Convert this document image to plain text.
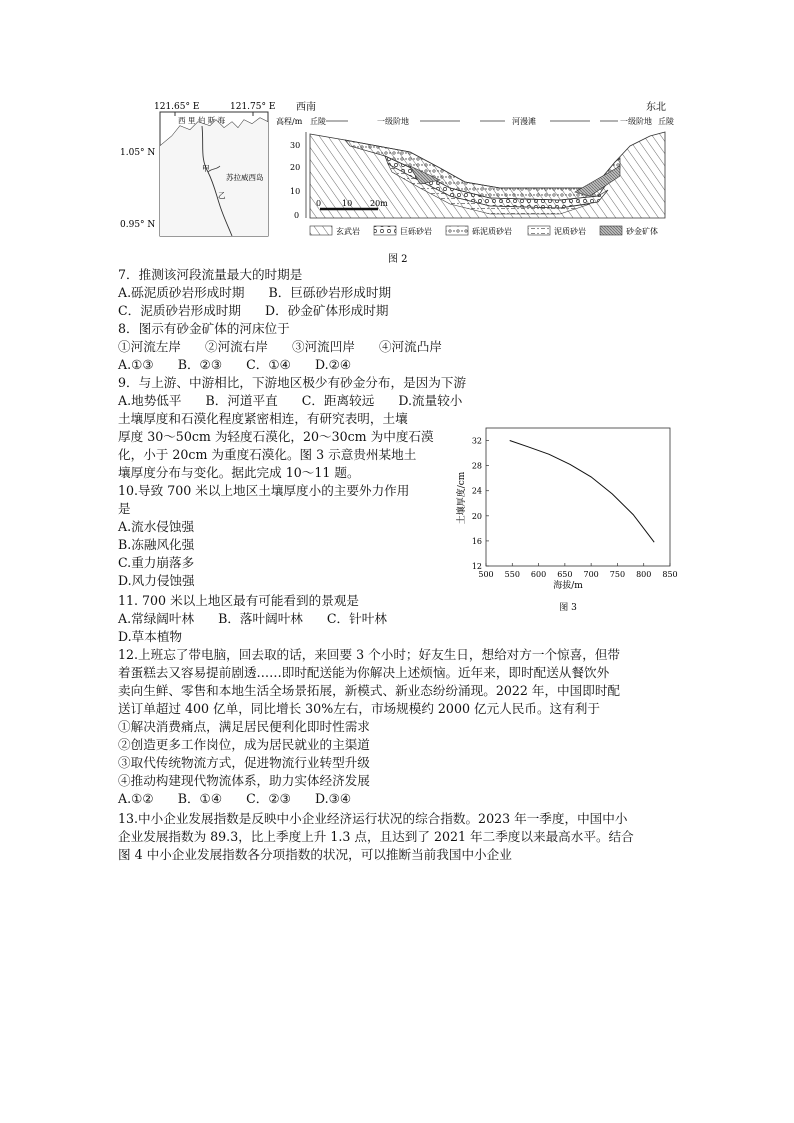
121.65° E	121.75° E
1.05° N
0.95° N
西 里 伯 斯 海
甲
乙
苏拉威西岛
西南	东北
高程/m 丘陵	一级阶地	河漫滩	一级阶地 丘陵
30
20
10
0
0	10 20m
玄武岩	巨砾砂岩	砾泥质砂岩	泥质砂岩	砂金矿体
图 2
7．推测该河段流量最大的时期是
A.砾泥质砂岩形成时期      B．巨砾砂岩形成时期
C．泥质砂岩形成时期      D．砂金矿体形成时期
8．图示有砂金矿体的河床位于
①河流左岸      ②河流右岸      ③河流凹岸      ④河流凸岸
A.①③      B．②③      C．①④      D.②④
9．与上游、中游相比，下游地区极少有砂金分布，是因为下游
A.地势低平      B．河道平直      C．距离较远      D.流量较小
土壤厚度和石漠化程度紧密相连，有研究表明，土壤
厚度 30～50cm 为轻度石漠化，20～30cm 为中度石漠
化，小于 20cm 为重度石漠化。图 3 示意贵州某地土
壤厚度分布与变化。据此完成 10～11 题。
10.导致 700 米以上地区土壤厚度小的主要外力作用
是
A.流水侵蚀强
B.冻融风化强
C.重力崩落多
D.风力侵蚀强
11. 700 米以上地区最有可能看到的景观是
A.常绿阔叶林      B．落叶阔叶林      C．针叶林
D.草本植物
12.上班忘了带电脑，回去取的话，来回要 3 个小时；好友生日，想给对方一个惊喜，但带
着蛋糕去又容易提前剧透……即时配送能为你解决上述烦恼。近年来，即时配送从餐饮外
卖向生鲜、零售和本地生活全场景拓展，新模式、新业态纷纷涌现。2022 年，中国即时配
送订单超过 400 亿单，同比增长 30%左右，市场规模约 2000 亿元人民币。这有利于
①解决消费痛点，满足居民便利化即时性需求
②创造更多工作岗位，成为居民就业的主渠道
③取代传统物流方式，促进物流行业转型升级
④推动构建现代物流体系，助力实体经济发展
A.①②      B．①④      C．②③      D.③④
13.中小企业发展指数是反映中小企业经济运行状况的综合指数。2023 年一季度，中国中小
企业发展指数为 89.3，比上季度上升 1.3 点，且达到了 2021 年二季度以来最高水平。结合
图 4 中小企业发展指数各分项指数的状况，可以推断当前我国中小企业
500 550 600 650 700 750 800 850
12
16
20
24
28
32
海拔/m
土壤厚度/cm
图 3
